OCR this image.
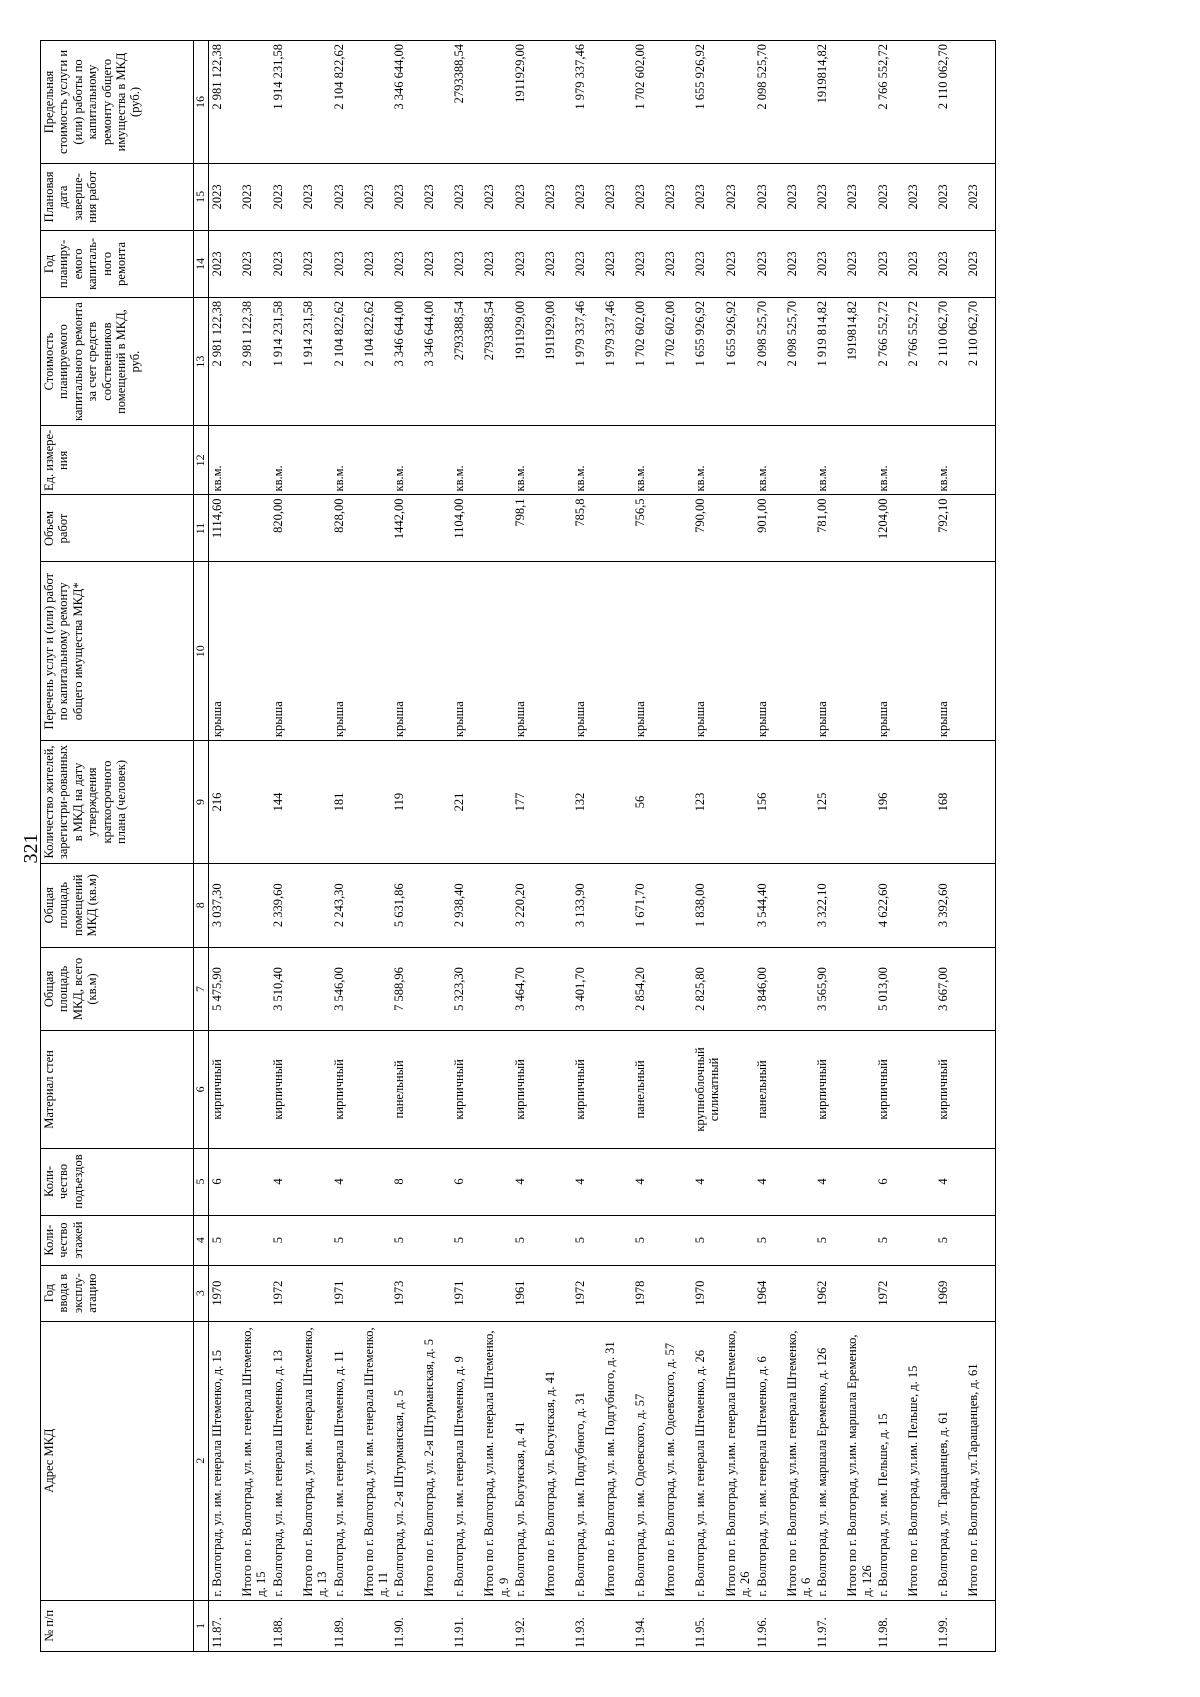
321
№ п/п	Адрес МКД	Год ввода в эксплу-атацию	Коли-чество этажей	Коли-чество подъездов	Материал стен	Общая площадь МКД, всего (кв.м)	Общая площадь помещений МКД (кв.м)	Количество жителей, зарегистри-рованных в МКД на дату утверждения краткосрочного плана (человек)	Перечень услуг и (или) работ по капитальному ремонту общего имущества МКД*	Объем работ	Ед. измере-ния	Стоимость планируемого капитального ремонта за счет средств собственников помещений в МКД, руб.	Год планиру-емого капиталь-ного ремонта	Плановая дата заверше-ния работ	Предельная стоимость услуги и (или) работы по капитальному ремонту общего имущества в МКД (руб.)
1	2	3	4	5	6	7	8	9	10	11	12	13	14	15	16
11.87.	г. Волгоград, ул. им. генерала Штеменко, д. 15	1970	5	6	кирпичный	5 475,90	3 037,30	216	крыша	1114,60	кв.м.	2 981 122,38	2023	2023	2 981 122,38
	Итого по г. Волгоград, ул. им. генерала Штеменко, д. 15											2 981 122,38	2023	2023	
11.88.	г. Волгоград, ул. им. генерала Штеменко, д. 13	1972	5	4	кирпичный	3 510,40	2 339,60	144	крыша	820,00	кв.м.	1 914 231,58	2023	2023	1 914 231,58
	Итого по г. Волгоград, ул. им. генерала Штеменко, д. 13											1 914 231,58	2023	2023	
11.89.	г. Волгоград, ул. им. генерала Штеменко, д. 11	1971	5	4	кирпичный	3 546,00	2 243,30	181	крыша	828,00	кв.м.	2 104 822,62	2023	2023	2 104 822,62
	Итого по г. Волгоград, ул. им. генерала Штеменко, д. 11											2 104 822,62	2023	2023	
11.90.	г. Волгоград, ул. 2-я Штурманская, д. 5	1973	5	8	панельный	7 588,96	5 631,86	119	крыша	1442,00	кв.м.	3 346 644,00	2023	2023	3 346 644,00
	Итого по г. Волгоград, ул. 2-я Штурманская, д. 5											3 346 644,00	2023	2023	
11.91.	г. Волгоград, ул. им. генерала Штеменко, д. 9	1971	5	6	кирпичный	5 323,30	2 938,40	221	крыша	1104,00	кв.м.	2793388,54	2023	2023	2793388,54
	Итого по г. Волгоград, ул.им. генерала Штеменко, д. 9											2793388,54	2023	2023	
11.92.	г. Волгоград, ул. Богунская, д. 41	1961	5	4	кирпичный	3 464,70	3 220,20	177	крыша	798,1	кв.м.	1911929,00	2023	2023	1911929,00
	Итого по г. Волгоград, ул. Богунская, д. 41											1911929,00	2023	2023	
11.93.	г. Волгоград, ул. им. Подгубного, д. 31	1972	5	4	кирпичный	3 401,70	3 133,90	132	крыша	785,8	кв.м.	1 979 337,46	2023	2023	1 979 337,46
	Итого по г. Волгоград, ул. им. Подгубного, д. 31											1 979 337,46	2023	2023	
11.94.	г. Волгоград, ул. им. Одоевского, д. 57	1978	5	4	панельный	2 854,20	1 671,70	56	крыша	756,5	кв.м.	1 702 602,00	2023	2023	1 702 602,00
	Итого по г. Волгоград, ул. им. Одоевского, д. 57											1 702 602,00	2023	2023	
11.95.	г. Волгоград, ул. им. генерала Штеменко, д. 26	1970	5	4	крупноблочный силикатный	2 825,80	1 838,00	123	крыша	790,00	кв.м.	1 655 926,92	2023	2023	1 655 926,92
	Итого по г. Волгоград, ул.им. генерала Штеменко, д. 26											1 655 926,92	2023	2023	
11.96.	г. Волгоград, ул. им. генерала Штеменко, д. 6	1964	5	4	панельный	3 846,00	3 544,40	156	крыша	901,00	кв.м.	2 098 525,70	2023	2023	2 098 525,70
	Итого по г. Волгоград, ул.им. генерала Штеменко, д. 6											2 098 525,70	2023	2023	
11.97.	г. Волгоград, ул. им. маршала Еременко, д. 126	1962	5	4	кирпичный	3 565,90	3 322,10	125	крыша	781,00	кв.м.	1 919 814,82	2023	2023	1919814,82
	Итого по г. Волгоград, ул.им. маршала Еременко, д. 126											1919814,82	2023	2023	
11.98.	г. Волгоград, ул. им. Пельше, д. 15	1972	5	6	кирпичный	5 013,00	4 622,60	196	крыша	1204,00	кв.м.	2 766 552,72	2023	2023	2 766 552,72
	Итого по г. Волгоград, ул.им. Пельше, д. 15											2 766 552,72	2023	2023	
11.99.	г. Волгоград, ул. Таращанцев, д. 61	1969	5	4	кирпичный	3 667,00	3 392,60	168	крыша	792,10	кв.м.	2 110 062,70	2023	2023	2 110 062,70
	Итого по г. Волгоград, ул.Таращанцев, д. 61											2 110 062,70	2023	2023	
